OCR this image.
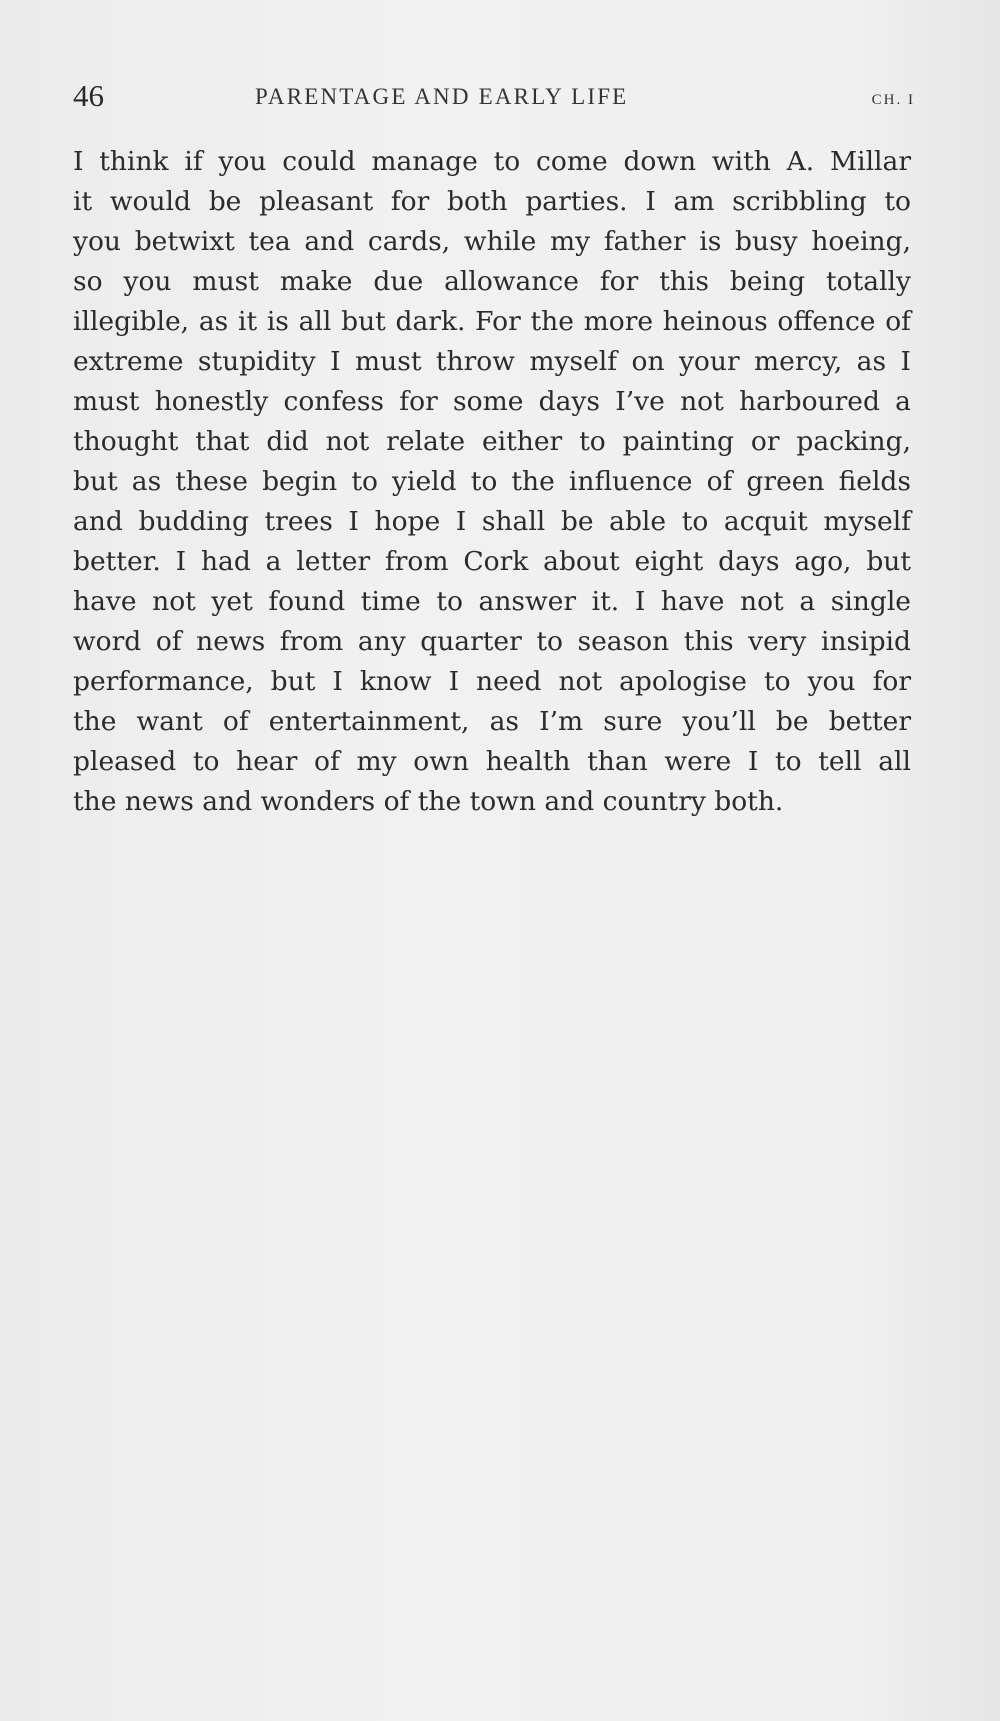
46	PARENTAGE AND EARLY LIFE	CH. I
I think if you could manage to come down with A. Millar
it would be pleasant for both parties. I am scribbling to
you betwixt tea and cards, while my father is busy hoeing,
so you must make due allowance for this being totally
illegible, as it is all but dark. For the more heinous offence of
extreme stupidity I must throw myself on your mercy, as I
must honestly confess for some days I’ve not harboured a
thought that did not relate either to painting or packing,
but as these begin to yield to the influence of green fields
and budding trees I hope I shall be able to acquit myself
better. I had a letter from Cork about eight days ago, but
have not yet found time to answer it. I have not a single
word of news from any quarter to season this very insipid
performance, but I know I need not apologise to you for
the want of entertainment, as I’m sure you’ll be better
pleased to hear of my own health than were I to tell all
the news and wonders of the town and country both.
